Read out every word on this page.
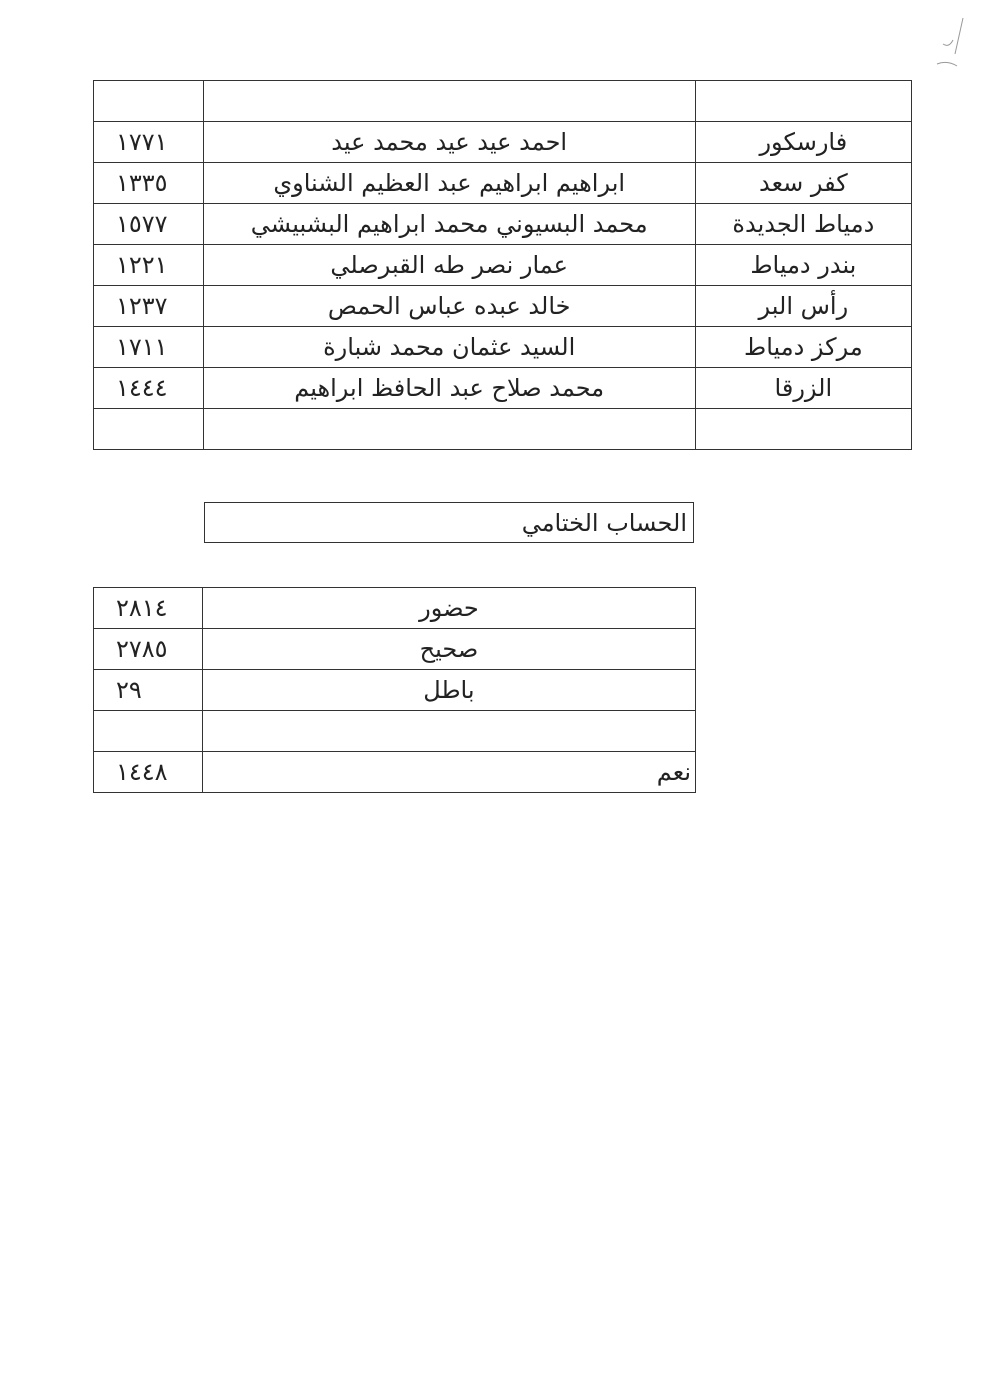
فارسكور	احمد عيد عيد محمد عيد	١٧٧١
كفر سعد	ابراهيم ابراهيم عبد العظيم الشناوي	١٣٣٥
دمياط الجديدة	محمد البسيوني محمد ابراهيم البشبيشي	١٥٧٧
بندر دمياط	عمار نصر طه القبرصلي	١٢٢١
رأس البر	خالد عبده عباس الحمص	١٢٣٧
مركز دمياط	السيد عثمان محمد شبارة	١٧١١
الزرقا	محمد صلاح عبد الحافظ ابراهيم	١٤٤٤

الحساب الختامي
حضور	٢٨١٤
صحيح	٢٧٨٥
باطل	٢٩

نعم	١٤٤٨
